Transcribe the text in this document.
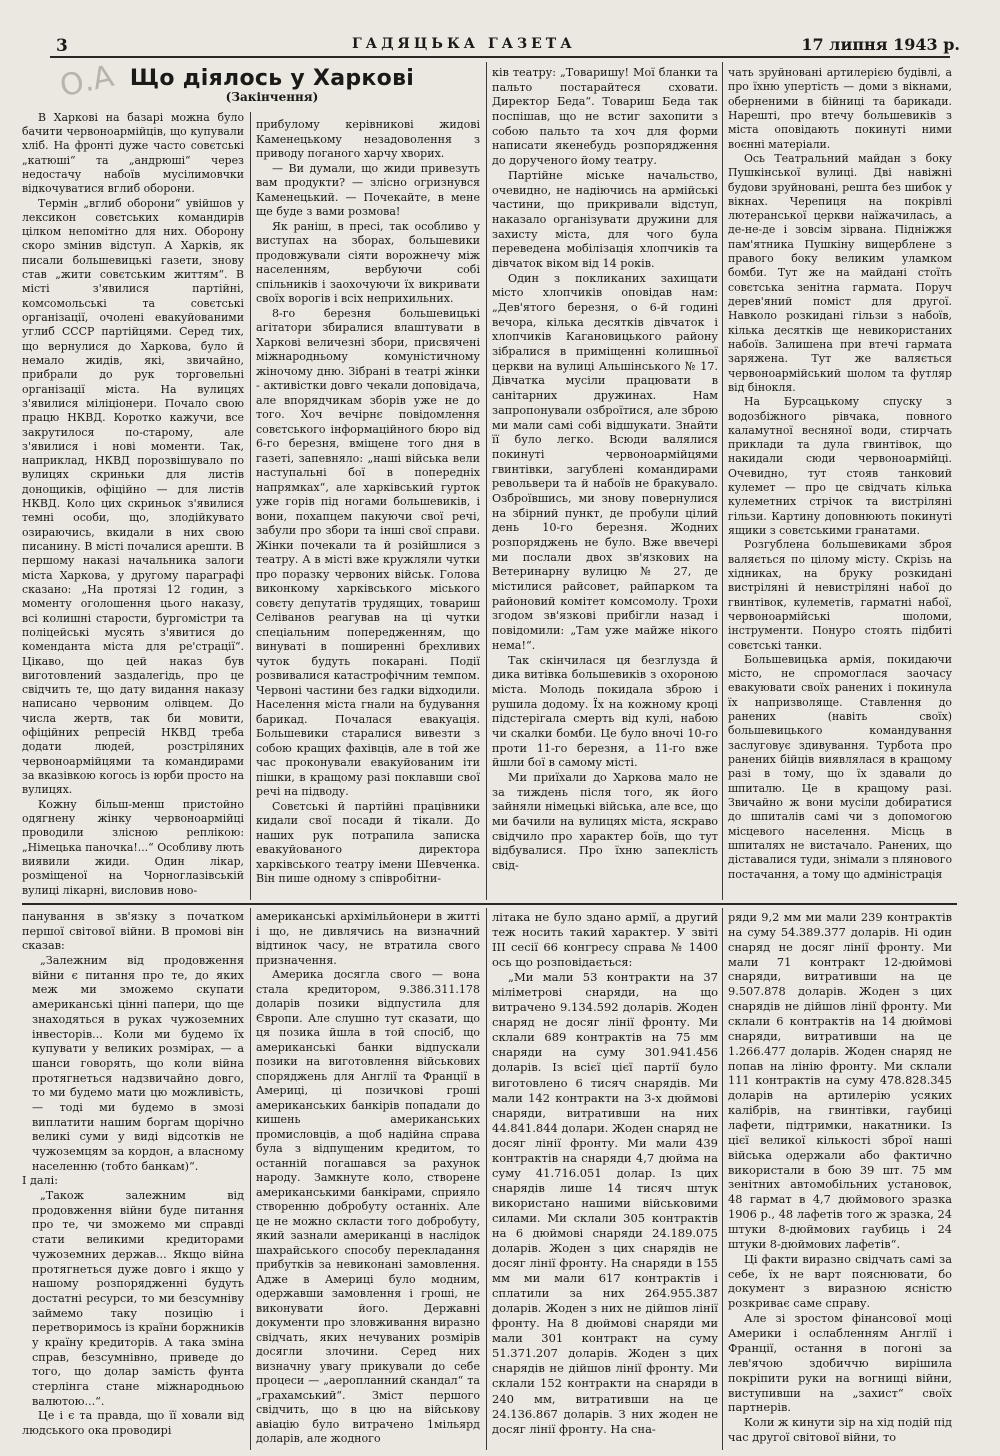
3	ГАДЯЦЬКА ГАЗЕТА	17 липня 1943 р.
О.А Що діялось у Харкові
(Закінчення)

В Харкові на базарі можна було бачити червоноармійців, що купували хліб. На фронті дуже часто совєтські „катюші“ та „андрюші“ через недостачу набоїв мусілимовчки відкочуватися вглиб оборони.

Термін „вглиб оборони“ увійшов у лексикон совєтських командирів цілком непомітно для них. Оборону скоро змінив відступ. А Харків, як писали большевицькі газети, знову став „жити совєтським життям“. В місті з'явилися партійні, комсомольські та совєтські організації, очолені евакуйованими углиб СССР партійцями. Серед тих, що вернулися до Харкова, було й немало жидів, які, звичайно, прибрали до рук торговельні організації міста. На вулицях з'явилися міліціонери. Почало свою працю НКВД. Коротко кажучи, все закрутилося по-старому, але з'явилися і нові моменти. Так, наприклад, НКВД порозвішувало по вулицях скриньки для листів донощиків, офіційно — для листів НКВД. Коло цих скриньок з'явилися темні особи, що, злодійкувато озираючись, вкидали в них свою писанину. В місті почалися арешти. В першому наказі начальника залоги міста Харкова, у другому параграфі сказано: „На протязі 12 годин, з моменту оголошення цього наказу, всі колишні старости, бургомістри та поліцейські мусять з'явитися до коменданта міста для ре'страції“. Цікаво, що цей наказ був виготовлений заздалегідь, про це свідчить те, що дату видання наказу написано червоним олівцем. До числа жертв, так би мовити, офіційних репресій НКВД треба додати людей, розстріляних червоноармійцями та командирами за вказівкою когось із юрби просто на вулицях.

Кожну більш-менш пристойно одягнену жінку червоноармійці проводили злісною реплікою: „Німецька паночка!...“ Особливу лють виявили жиди. Один лікар, розміщеної на Чорноглазівській вулиці лікарні, висловив ново-

прибулому керівникові жидові Каменецькому незадоволення з приводу поганого харчу хворих.

— Ви думали, що жиди привезуть вам продукти? — злісно огризнувся Каменецький. — Почекайте, в мене ще буде з вами розмова!

Як раніш, в пресі, так особливо у виступах на зборах, большевики продовжували сіяти ворожнечу між населенням, вербуючи собі спільників і заохочуючи їх викривати своїх ворогів і всіх неприхильних.

8-го березня большевицькі агітатори збиралися влаштувати в Харкові величезні збори, присвячені міжнародньому комуністичному жіночому дню. Зібрані в театрі жінки - активістки довго чекали доповідача, але впорядчикам зборів уже не до того. Хоч вечірнє повідомлення совєтського інформаційного бюро від 6-го березня, вміщене того дня в газеті, запевняло: „наші війська вели наступальні бої в попередніх напрямках“, але харківський гурток уже горів під ногами большевиків, і вони, похапцем пакуючи свої речі, забули про збори та інші свої справи. Жінки почекали та й розійшлися з театру. А в місті вже кружляли чутки про поразку червоних військ. Голова виконкому харківського міського совєту депутатів трудящих, товариш Селіванов реагував на ці чутки спеціальним попередженням, що винуваті в поширенні брехливих чуток будуть покарані. Події розвивалися катастрофічним темпом. Червоні частини без гадки відходили. Населення міста гнали на будування барикад. Почалася евакуація. Большевики старалися вивезти з собою кращих фахівців, але в той же час проконували евакуйованим іти пішки, в кращому разі поклавши свої речі на підводу.

Совєтські й партійні працівники кидали свої посади й тікали. До наших рук потрапила записка евакуйованого директора харківського театру імени Шевченка. Він пише одному з співробітни-

ків театру: „Товаришу! Мої бланки та пальто постарайтеся сховати. Директор Беда“. Товариш Беда так поспішав, що не встиг захопити з собою пальто та хоч для форми написати якенебудь розпорядження до доручeного йому театру.

Партійне міське начальство, очевидно, не надіючись на армійські частини, що прикривали відступ, наказало організувати дружини для захисту міста, для чого була переведена мобілізація хлопчиків та дівчаток віком від 14 років.

Один з покликаних захищати місто хлопчиків оповідав нам: „Дев'ятого березня, о 6-й годині вечора, кілька десятків дівчаток і хлопчиків Кагановицького району зібралися в приміщенні колишньої церкви на вулиці Альшінського № 17. Дівчатка мусіли працювати в санітарних дружинах. Нам запропонували озброїтися, але зброю ми мали самі собі відшукати. Знайти її було легко. Всюди валялися покинуті червоноармійцями гвинтівки, загублені командирами револьвери та й набоїв не бракувало. Озброївшись, ми знову повернулися на збірний пункт, де пробули цілий день 10-го березня. Жодних розпоряджень не було. Вже ввечері ми послали двох зв'язкових на Ветеринарну вулицю № 27, де містилися райсовет, райпарком та районовий комітет комсомолу. Трохи згодом зв'язкові прибігли назад і повідомили: „Там уже майже нікого нема!“.

Так скінчилася ця безглузда й дика витівка большевиків з охороною міста. Молодь покидала зброю і рушила додому. Їх на кожному кроці підстерігала смерть від кулі, набою чи скалки бомби. Це було вночі 10-го проти 11-го березня, а 11-го вже йшли бої в самому місті.

Ми приїхали до Харкова мало не за тиждень після того, як його зайняли німецькі війська, але все, що ми бачили на вулицях міста, яскраво свідчило про характер боїв, що тут відбувалися. Про їхню запеклість свід-

чать зруйновані артилерією будівлі, а про їхню упертість — доми з вікнами, оберненими в бійниці та барикади. Нарешті, про втечу большевиків з міста оповідають покинуті ними воєнні матеріали.

Ось Театральний майдан з боку Пушкінської вулиці. Дві навіжні будови зруйновані, решта без шибок у вікнах. Черепиця на покрівлі лютеранської церкви наїжачилась, а де-не-де і зовсім зірвана. Підніжжя пам'ятника Пушкіну вищерблене з правого боку великим уламком бомби. Тут же на майдані стоїть совєтська зенітна гармата. Поруч дерев'яний поміст для другої. Навколо розкидані гільзи з набоїв, кілька десятків ще невикористаних набоїв. Залишена при втечі гармата заряжена. Тут же валяється червоноармійський шолом та футляр від бінокля.

На Бурсацькому спуску з водозбіжного рівчака, повного каламутної весняної води, стирчать приклади та дула гвинтівок, що накидали сюди червоноармійці. Очевидно, тут стояв танковий кулемет — про це свідчать кілька кулеметних стрічок та вистріляні гільзи. Картину доповнюють покинуті ящики з совєтськими гранатами.

Розгублена большевиками зброя валяється по цілому місту. Скрізь на хідниках, на бруку розкидані вистріляні й невистріляні набої до гвинтівок, кулеметів, гарматні набої, червоноармійські шоломи, інструменти. Понуро стоять підбиті совєтські танки.

Большевицька армія, покидаючи місто, не спромоглася заочасу евакуювати своїх ранених і покинула їх напризволяще. Ставлення до ранених (навіть своїх) большевицького командування заслуговує здивування. Турбота про ранених бійців виявлялася в кращому разі в тому, що їх здавали до шпиталю. Це в кращому разі. Звичайно ж вони мусіли добиратися до шпиталів самі чи з допомогою місцевого населення. Місць в шпиталях не вистачало. Ранених, що діставалися туди, знімали з плянового постачання, а тому що адміністрація

панування в зв'язку з початком першої світової війни. В промові він сказав:

„Залежним від продовження війни є питання про те, до яких меж ми зможемо скупати американські цінні папери, що ще знаходяться в руках чужоземних інвесторів... Коли ми будемо їх купувати у великих розмірах, — а шанси говорять, що коли війна протягнеться надзвичайно довго, то ми будемо мати цю можливість, — тоді ми будемо в змозі виплатити нашим боргам щорічно великі суми у виді відсотків не чужоземцям за кордон, а власному населенню (тобто банкам)“.

І далі:

„Також залежним від продовження війни буде питання про те, чи зможемо ми справді стати великими кредиторами чужоземних держав... Якщо війна протягнеться дуже довго і якщо у нашому розпорядженні будуть достатні ресурси, то ми безсумніву займемо таку позицію і перетворимось із країни боржників у країну кредиторів. А така зміна справ, безсумнівно, приведе до того, що долар замість фунта стерлінга стане міжнародньою валютою...“.

Це і є та правда, що її ховали від людського ока проводирі

американські архімільйонери в житті і що, не дивлячись на визначний відтинок часу, не втратила свого призначення.

Америка досягла свого — вона стала кредитором, 9.386.311.178 доларів позики відпустила для Європи. Але слушно тут сказати, що ця позика йшла в той спосіб, що американські банки відпускали позики на виготовлення військових споряджень для Англії та Франції в Америці, ці позичкові гроші американських банкірів попадали до кишень американських промисловців, а щоб надійна справа була з відпущеним кредитом, то останній погашався за рахунок народу. Замкнуте коло, створене американськими банкірами, сприяло створенню добробуту останніх. Але це не можно скласти того добробуту, який зазнали американці в наслідок шахрайського способу перекладання прибутків за невиконані замовлення. Адже в Америці було модним, одержавши замовлення і гроші, не виконувати його. Державні документи про зловживання виразно свідчать, яких нечуваних розмірів досягли злочини. Серед них визначну увагу прикували до себе процеси — „аеропланний скандал“ та „грахамський“. Зміст першого свідчить, що в цю на військову авіацію було витрачено 1мільярд доларів, але жодного

літака не було здано армії, а другий теж носить такий характер. У звіті III сесії 66 конгресу справа № 1400 ось що розповідається:

„Ми мали 53 контракти на 37 міліметрові снаряди, на що витрачено 9.134.592 доларів. Жоден снаряд не досяг лінії фронту. Ми склали 689 контрактів на 75 мм снаряди на суму 301.941.456 доларів. Із всієї цієї партії було виготовлено 6 тисяч снарядів. Ми мали 142 контракти на 3-х дюймові снаряди, витративши на них 44.841.844 долари. Жоден снаряд не досяг лінії фронту. Ми мали 439 контрактів на снаряди 4,7 дюйма на суму 41.716.051 долар. Із цих снарядів лише 14 тисяч штук використано нашими військовими силами. Ми склали 305 контрактів на 6 дюймові снаряди 24.189.075 доларів. Жоден з цих снарядів не досяг лінії фронту. На снаряди в 155 мм ми мали 617 контрактів і сплатили за них 264.955.387 доларів. Жоден з них не дійшов лінії фронту. На 8 дюймові снаряди ми мали 301 контракт на суму 51.371.207 доларів. Жоден з цих снарядів не дійшов лінії фронту. Ми склали 152 контракти на снаряди в 240 мм, витративши на це 24.136.867 доларів. З них жоден не досяг лінії фронту. На сна-

ряди 9,2 мм ми мали 239 контрактів на суму 54.389.377 доларів. Ні один снаряд не досяг лінії фронту. Ми мали 71 контракт 12-дюймові снаряди, витративши на це 9.507.878 доларів. Жоден з цих снарядів не дійшов лінії фронту. Ми склали 6 контрактів на 14 дюймові снаряди, витративши на це 1.266.477 доларів. Жоден снаряд не попав на лінію фронту. Ми склали 111 контрактів на суму 478.828.345 доларів на артилерію усяких калібрів, на гвинтівки, гаубиці лафети, підтримки, накатники. Із цієї великої кількості зброї наші війська одержали або фактично використали в бою 39 шт. 75 мм зенітних автомобільних установок, 48 гармат в 4,7 дюймового зразка 1906 р., 48 лафетів того ж зразка, 24 штуки 8-дюймових гаубиць і 24 штуки 8-дюймових лафетів“.

Ці факти виразно свідчать самі за себе, їх не варт пояснювати, бо документ з виразною ясністю розкриває саме справу.

Але зі зростом фінансової моці Америки і ослабленням Англії і Франції, остання в погоні за лев'ячою здобиччю вирішила покріпити руки на вогнищі війни, виступивши на „захист“ своїх партнерів.

Коли ж кинути зір на хід подій під час другої світової війни, то
